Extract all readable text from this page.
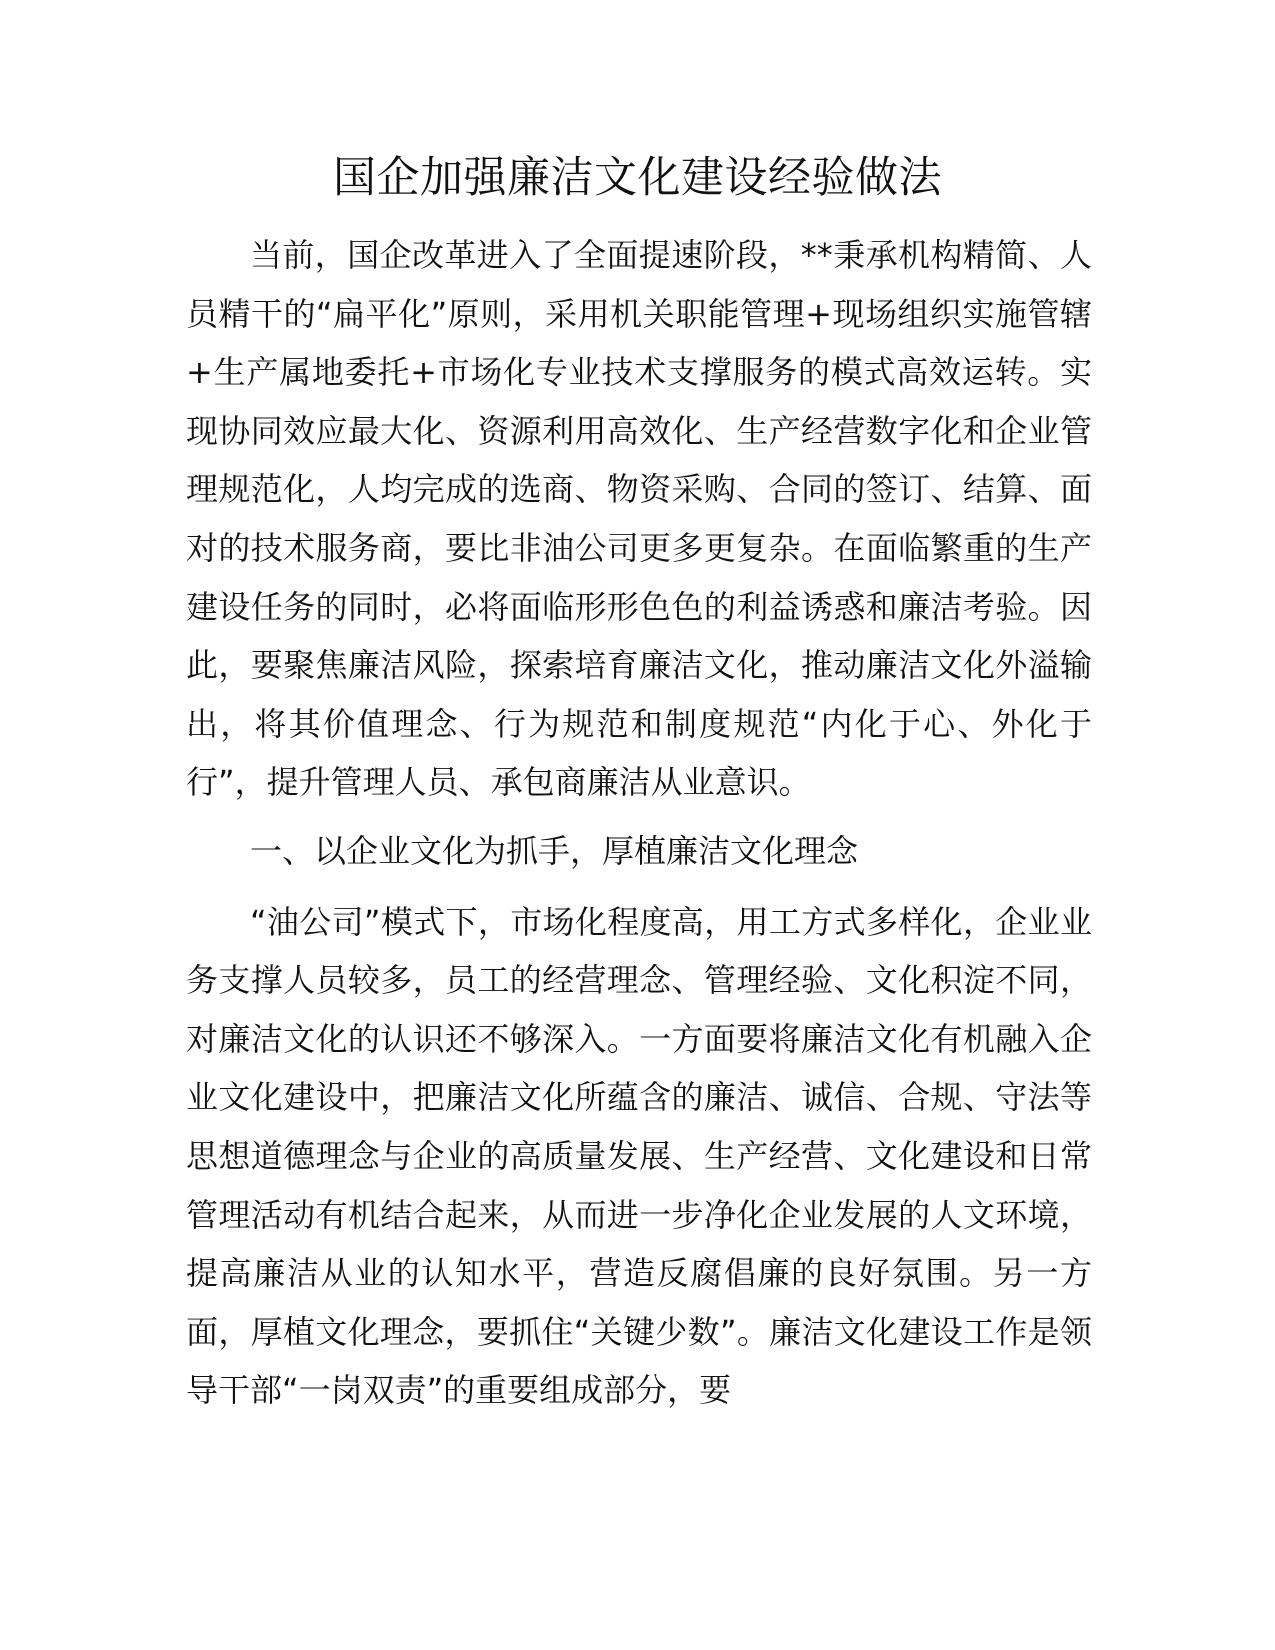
国企加强廉洁文化建设经验做法

当前，国企改革进入了全面提速阶段，**秉承机构精简、人员精干的“扁平化”原则，采用机关职能管理+现场组织实施管辖+生产属地委托+市场化专业技术支撑服务的模式高效运转。实现协同效应最大化、资源利用高效化、生产经营数字化和企业管理规范化，人均完成的选商、物资采购、合同的签订、结算、面对的技术服务商，要比非油公司更多更复杂。在面临繁重的生产建设任务的同时，必将面临形形色色的利益诱惑和廉洁考验。因此，要聚焦廉洁风险，探索培育廉洁文化，推动廉洁文化外溢输出，将其价值理念、行为规范和制度规范“内化于心、外化于行”，提升管理人员、承包商廉洁从业意识。

一、以企业文化为抓手，厚植廉洁文化理念

“油公司”模式下，市场化程度高，用工方式多样化，企业业务支撑人员较多，员工的经营理念、管理经验、文化积淀不同，对廉洁文化的认识还不够深入。一方面要将廉洁文化有机融入企业文化建设中，把廉洁文化所蕴含的廉洁、诚信、合规、守法等思想道德理念与企业的高质量发展、生产经营、文化建设和日常管理活动有机结合起来，从而进一步净化企业发展的人文环境，提高廉洁从业的认知水平，营造反腐倡廉的良好氛围。另一方面，厚植文化理念，要抓住“关键少数”。廉洁文化建设工作是领导干部“一岗双责”的重要组成部分，要
